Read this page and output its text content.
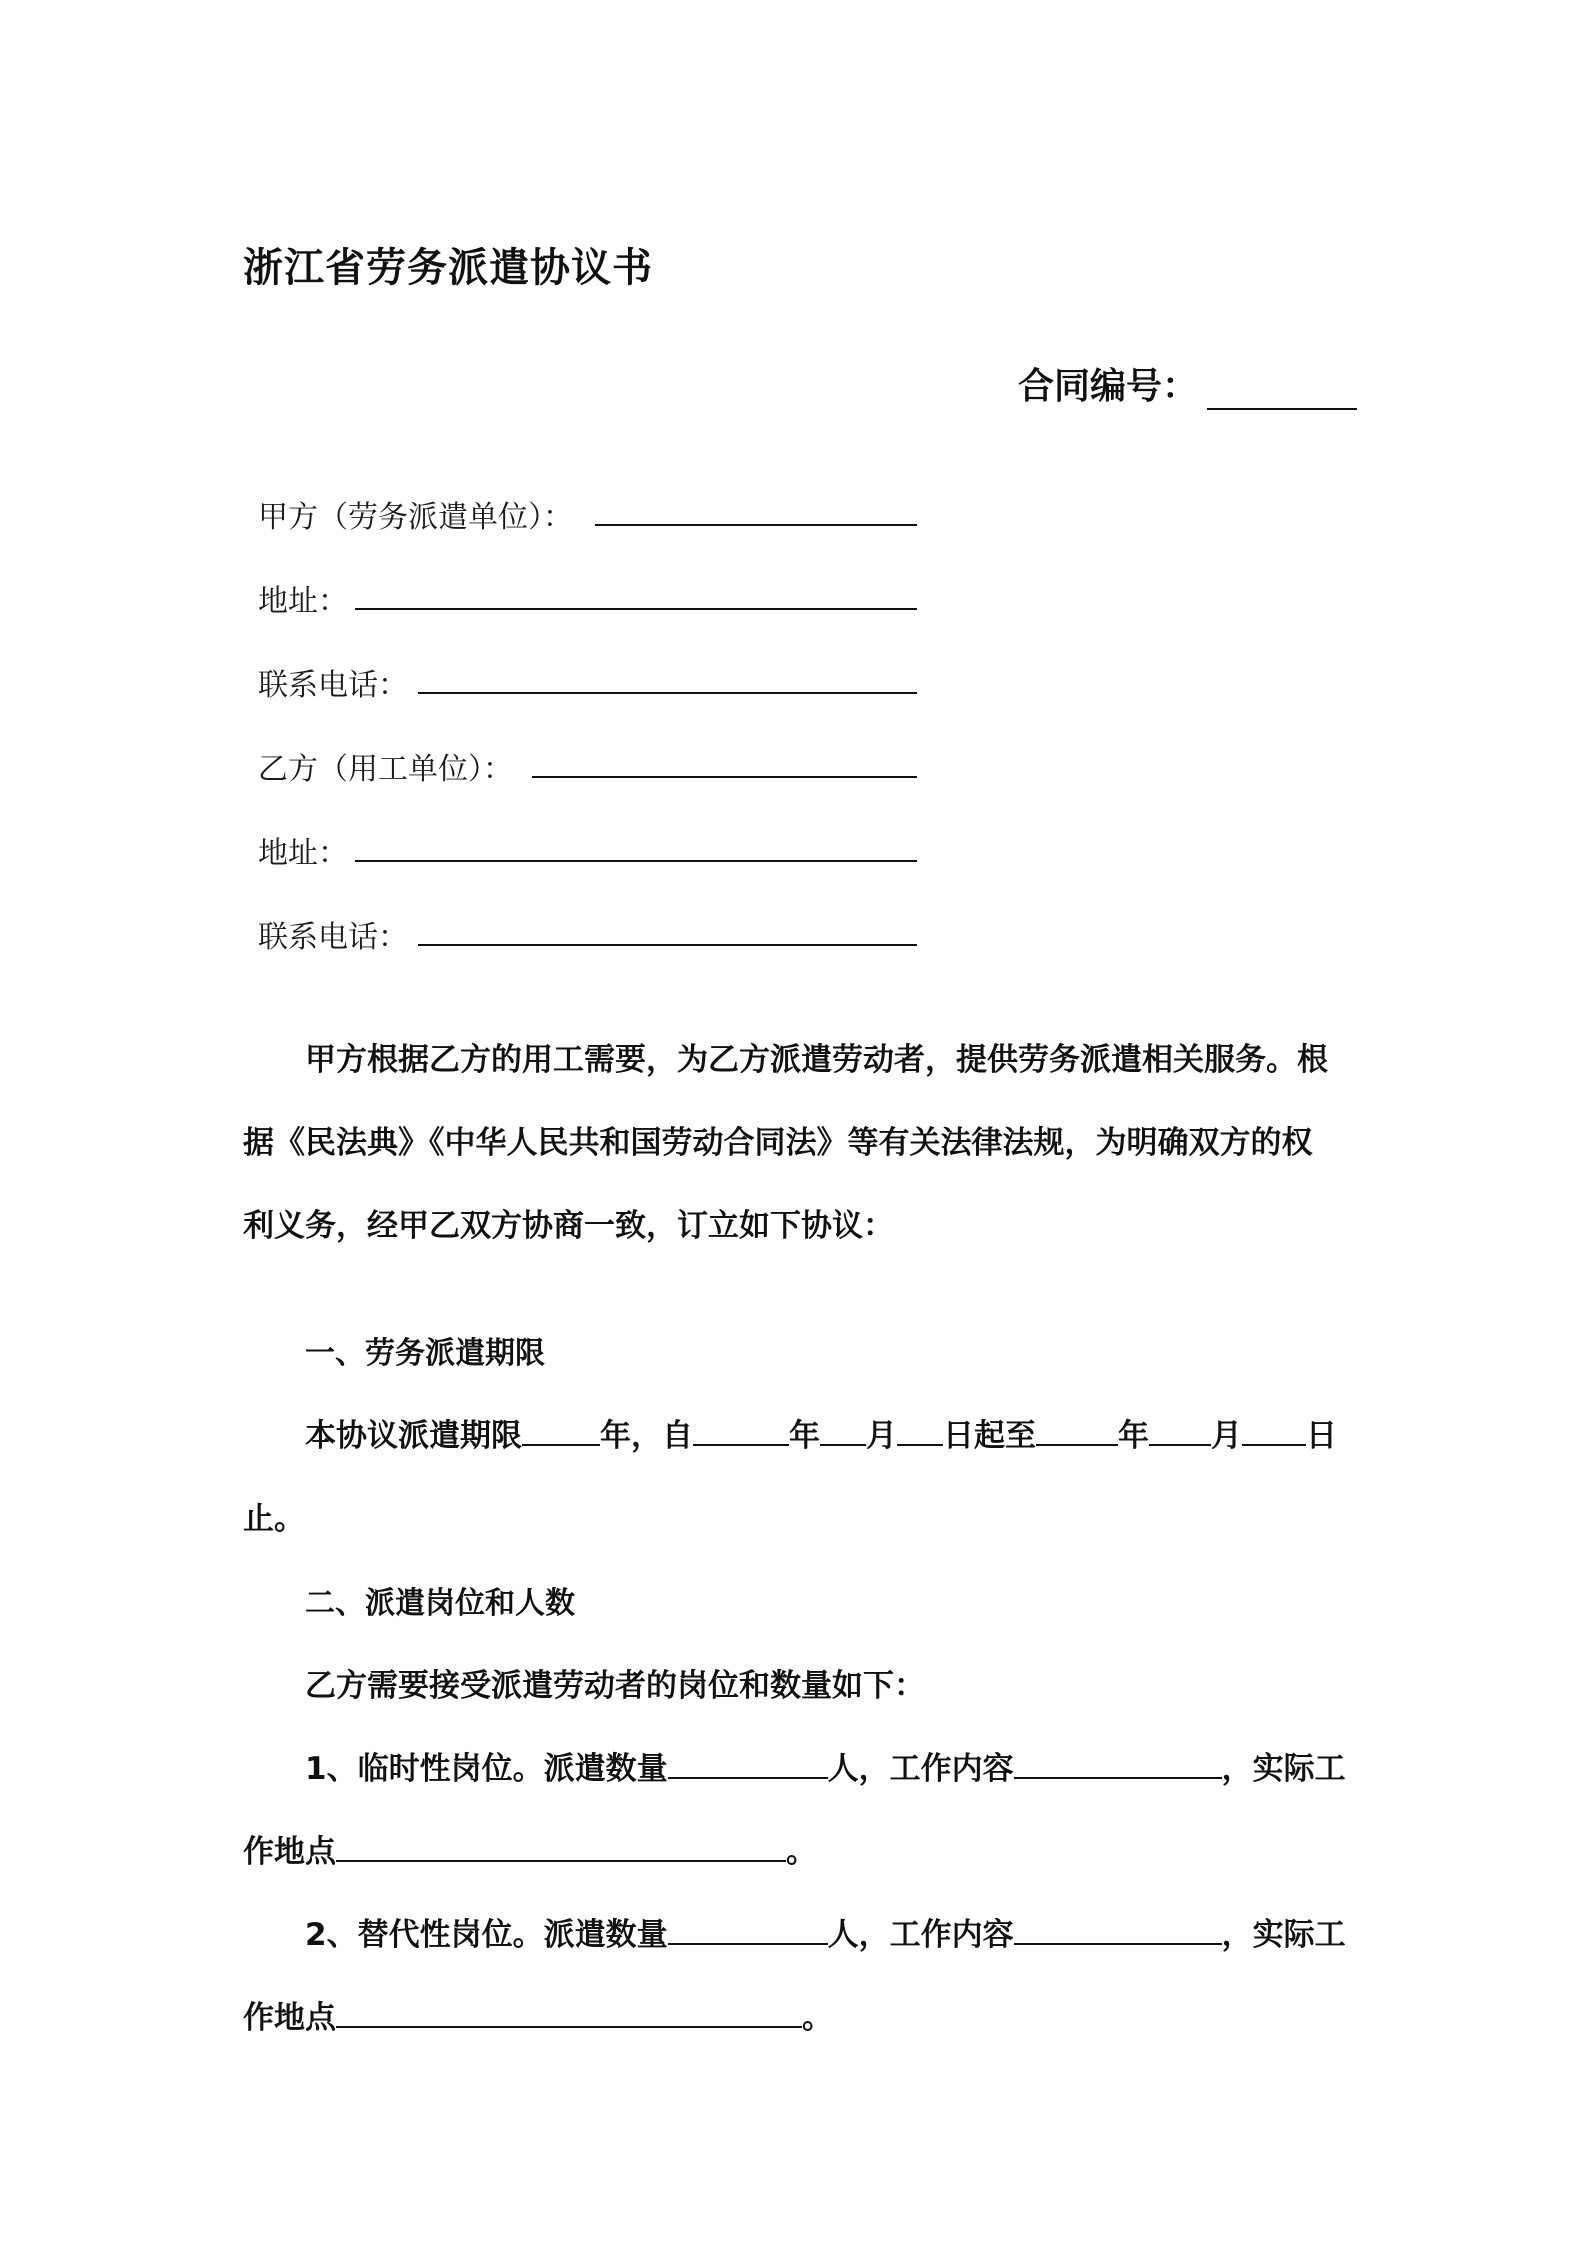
浙江省劳务派遣协议书
合同编号：
甲方（劳务派遣单位）：
地址：
联系电话：
乙方（用工单位）：
地址：
联系电话：
甲方根据乙方的用工需要，为乙方派遣劳动者，提供劳务派遣相关服务。根
据《民法典》《中华人民共和国劳动合同法》等有关法律法规，为明确双方的权
利义务，经甲乙双方协商一致，订立如下协议：
一、劳务派遣期限
本协议派遣期限	年，自	年 月 日起至	年 月 日
止。
二、派遣岗位和人数
乙方需要接受派遣劳动者的岗位和数量如下：
1、临时性岗位。派遣数量	人，工作内容	，实际工
作地点	。
2、替代性岗位。派遣数量	人，工作内容	，实际工
作地点	。
